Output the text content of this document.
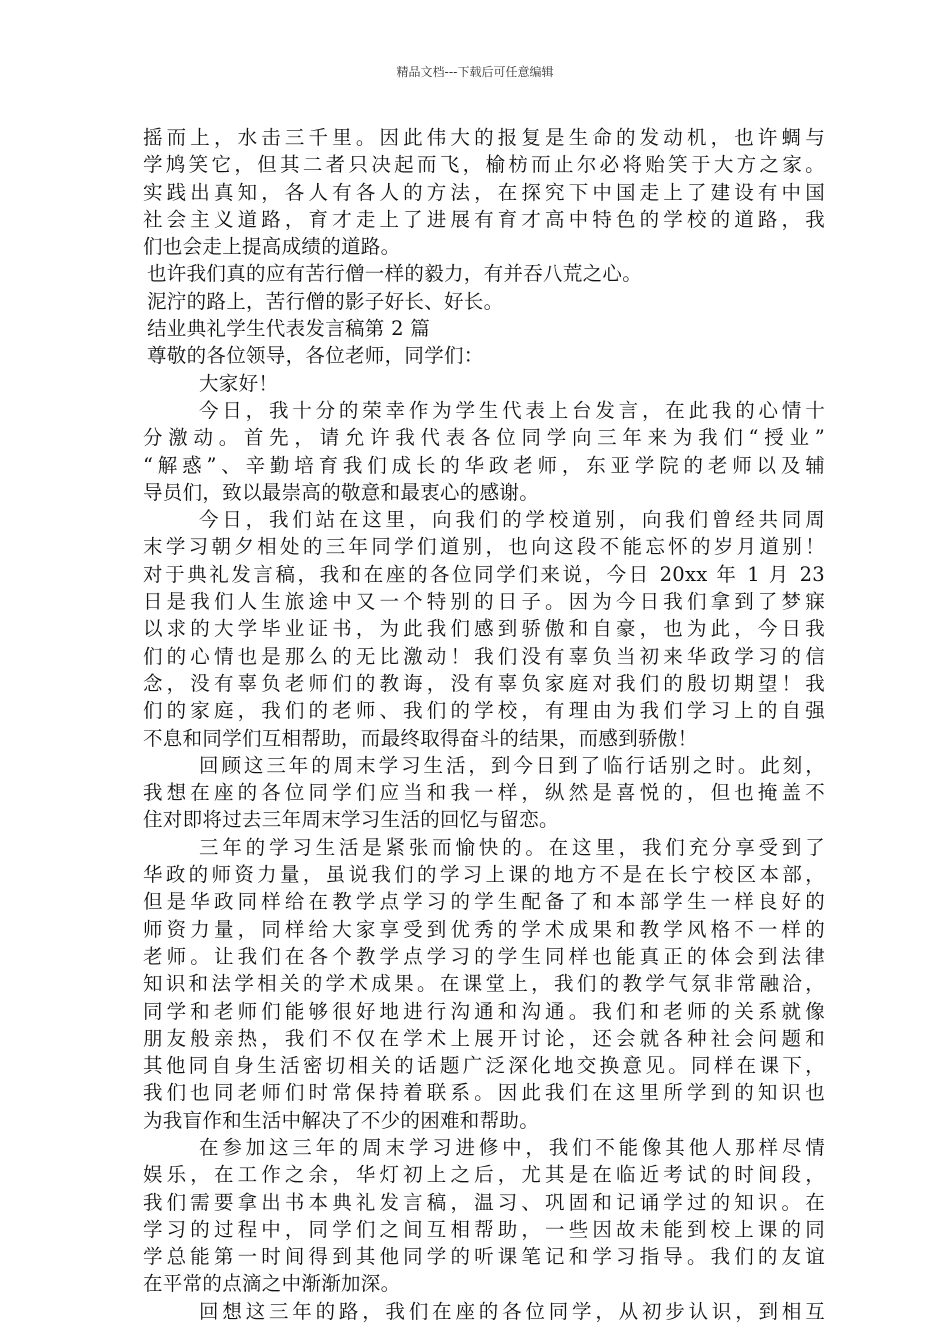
精品文档---下载后可任意编辑
摇而上，水击三千里。因此伟大的报复是生命的发动机，也许蜩与
学鸠笑它，但其二者只决起而飞，榆枋而止尔必将贻笑于大方之家。
实践出真知，各人有各人的方法，在探究下中国走上了建设有中国
社会主义道路，育才走上了进展有育才高中特色的学校的道路，我
们也会走上提高成绩的道路。
也许我们真的应有苦行僧一样的毅力，有并吞八荒之心。
泥泞的路上，苦行僧的影子好长、好长。
结业典礼学生代表发言稿第 2 篇
尊敬的各位领导，各位老师，同学们：
大家好！
今日，我十分的荣幸作为学生代表上台发言，在此我的心情十
分激动。首先，请允许我代表各位同学向三年来为我们“授业”
“解惑”、辛勤培育我们成长的华政老师，东亚学院的老师以及辅
导员们，致以最崇高的敬意和最衷心的感谢。
今日，我们站在这里，向我们的学校道别，向我们曾经共同周
末学习朝夕相处的三年同学们道别，也向这段不能忘怀的岁月道别！
对于典礼发言稿，我和在座的各位同学们来说，今日 20xx 年 1 月 23
日是我们人生旅途中又一个特别的日子。因为今日我们拿到了梦寐
以求的大学毕业证书，为此我们感到骄傲和自豪，也为此，今日我
们的心情也是那么的无比激动！我们没有辜负当初来华政学习的信
念，没有辜负老师们的教诲，没有辜负家庭对我们的殷切期望！我
们的家庭，我们的老师、我们的学校，有理由为我们学习上的自强
不息和同学们互相帮助，而最终取得奋斗的结果，而感到骄傲！
回顾这三年的周末学习生活，到今日到了临行话别之时。此刻，
我想在座的各位同学们应当和我一样，纵然是喜悦的，但也掩盖不
住对即将过去三年周末学习生活的回忆与留恋。
三年的学习生活是紧张而愉快的。在这里，我们充分享受到了
华政的师资力量，虽说我们的学习上课的地方不是在长宁校区本部，
但是华政同样给在教学点学习的学生配备了和本部学生一样良好的
师资力量，同样给大家享受到优秀的学术成果和教学风格不一样的
老师。让我们在各个教学点学习的学生同样也能真正的体会到法律
知识和法学相关的学术成果。在课堂上，我们的教学气氛非常融洽，
同学和老师们能够很好地进行沟通和沟通。我们和老师的关系就像
朋友般亲热，我们不仅在学术上展开讨论，还会就各种社会问题和
其他同自身生活密切相关的话题广泛深化地交换意见。同样在课下，
我们也同老师们时常保持着联系。因此我们在这里所学到的知识也
为我盲作和生活中解决了不少的困难和帮助。
在参加这三年的周末学习进修中，我们不能像其他人那样尽情
娱乐，在工作之余，华灯初上之后，尤其是在临近考试的时间段，
我们需要拿出书本典礼发言稿，温习、巩固和记诵学过的知识。在
学习的过程中，同学们之间互相帮助，一些因故未能到校上课的同
学总能第一时间得到其他同学的听课笔记和学习指导。我们的友谊
在平常的点滴之中渐渐加深。
回想这三年的路，我们在座的各位同学，从初步认识，到相互
